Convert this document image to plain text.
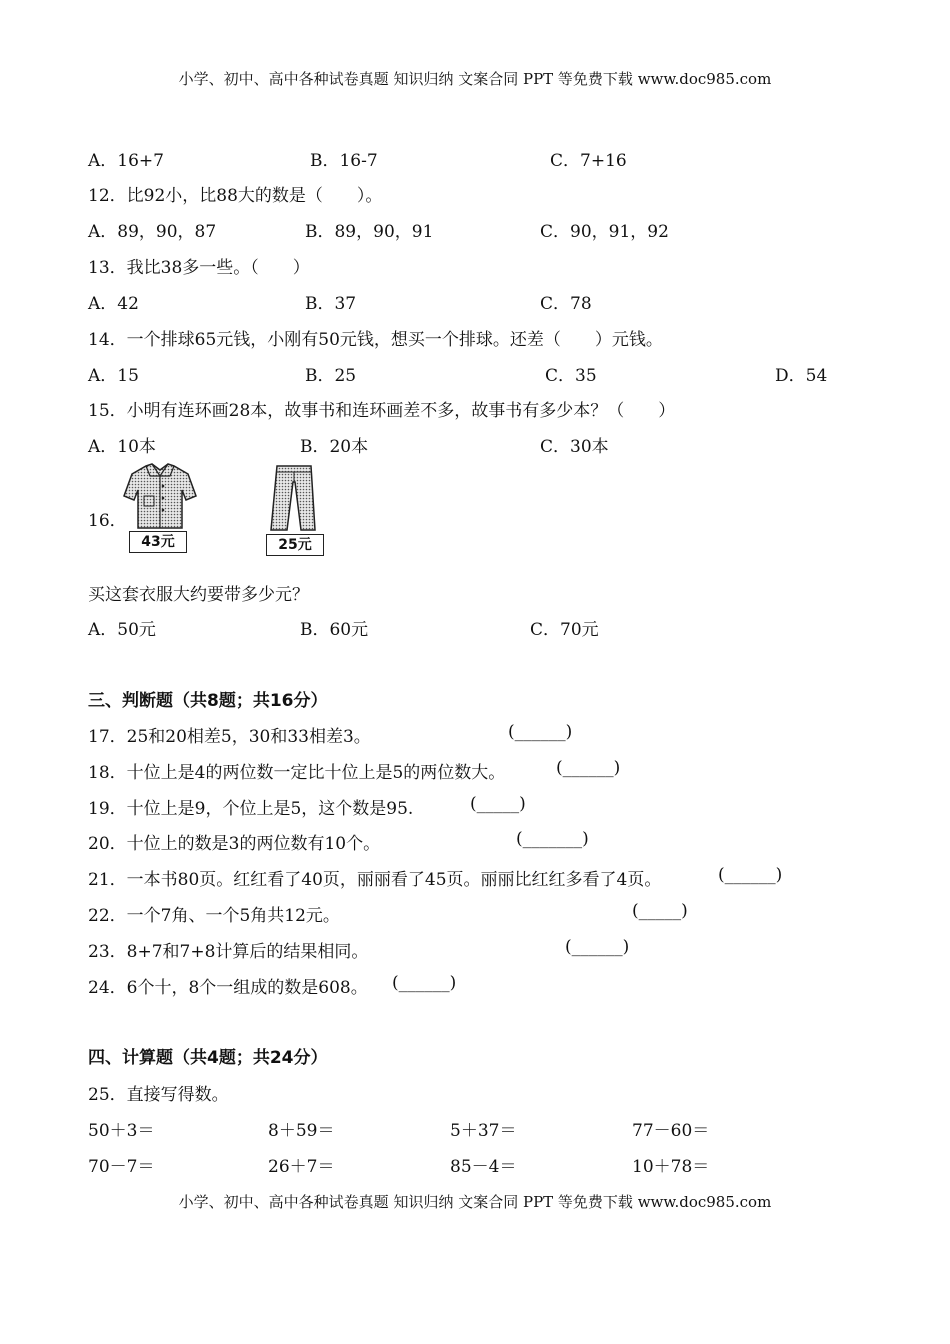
小学、初中、高中各种试卷真题 知识归纳 文案合同 PPT 等免费下载 www.doc985.com
A．16+7	B．16-7	C．7+16
12．比92小，比88大的数是（　　）。
A．89，90，87	B．89，90，91	C．90，91，92
13．我比38多一些。（　　）
A．42	B．37	C．78
14．一个排球65元钱，小刚有50元钱，想买一个排球。还差（　　）元钱。
A．15	B．25	C．35	D．54
15．小明有连环画28本，故事书和连环画差不多，故事书有多少本？（　　）
A．10本	B．20本	C．30本
16．
43元	25元
买这套衣服大约要带多少元？
A．50元	B．60元	C．70元
三、判断题（共8题；共16分）
17．25和20相差5，30和33相差3。	(______)
18．十位上是4的两位数一定比十位上是5的两位数大。	(______)
19．十位上是9，个位上是5，这个数是95.	(_____)
20．十位上的数是3的两位数有10个。	(_______)
21．一本书80页。红红看了40页，丽丽看了45页。丽丽比红红多看了4页。	(______)
22．一个7角、一个5角共12元。	(_____)
23．8+7和7+8计算后的结果相同。	(______)
24．6个十，8个一组成的数是608。 (______)
四、计算题（共4题；共24分）
25．直接写得数。
50＋3＝	8＋59＝	5＋37＝	77－60＝
70－7＝	26＋7＝	85－4＝	10＋78＝
小学、初中、高中各种试卷真题 知识归纳 文案合同 PPT 等免费下载 www.doc985.com
